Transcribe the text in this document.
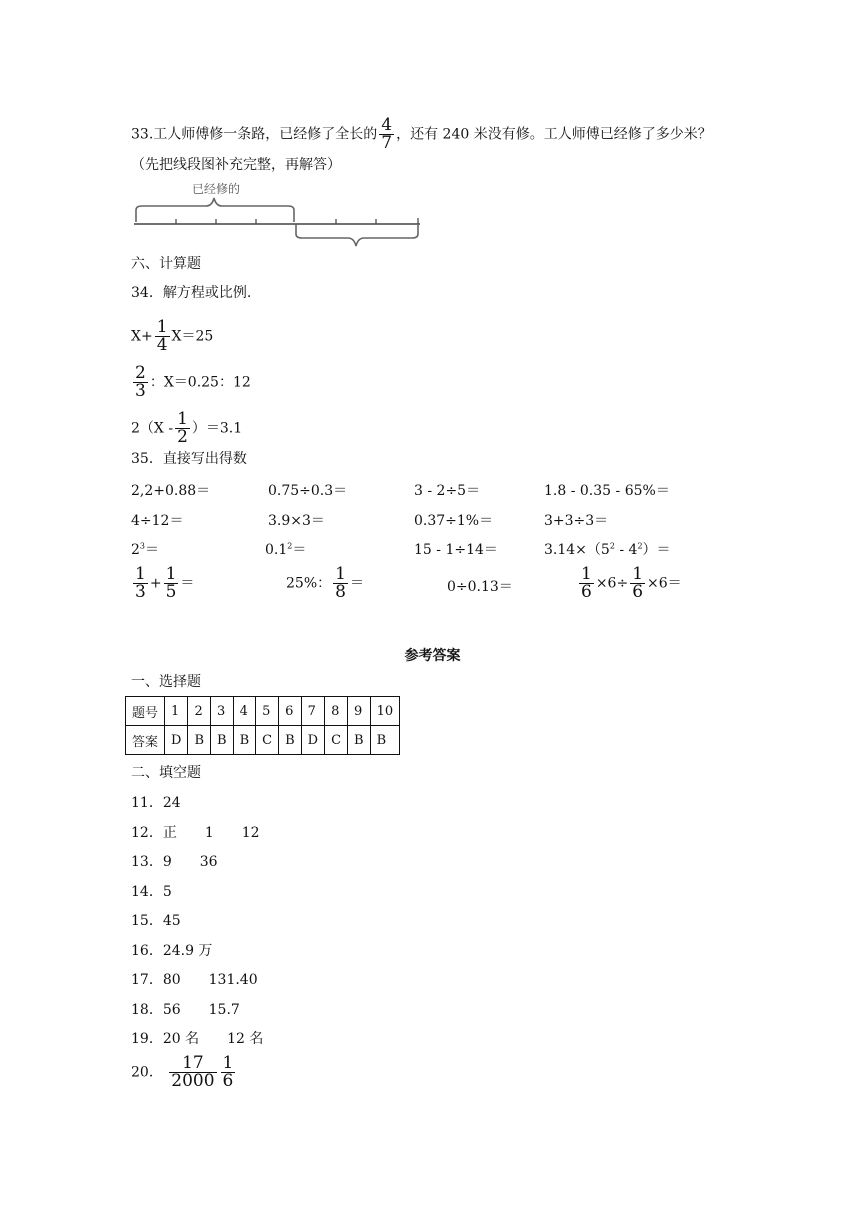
33.工人师傅修一条路，已经修了全长的 $\frac{4}{7}$ ，还有 240 米没有修。工人师傅已经修了多少米？
（先把线段图补充完整，再解答）
已经修的
六、计算题
34．解方程或比例.
$X+ \frac{1}{4} X=25$
$\frac{2}{3}$ ：X＝0.25：12
$2(X - \frac{1}{2} )=3.1$
35．直接写出得数
2,2+0.88＝	0.75÷0.3＝	3 - 2÷5＝	1.8 - 0.35 - 65%＝
4÷12＝	3.9×3＝	0.37÷1%＝	3+3÷3＝
$2^3=$	$0.1^2=$	15 - 1÷14＝	$3.14\times(5^2 - 4^2)=$
$\frac{1}{3} + \frac{1}{5}$ ＝	25%： $\frac{1}{8}$ ＝	0÷0.13＝	$\frac{1}{6} \times 6\div \frac{1}{6} \times 6=$
参考答案
一、选择题
题号	1	2	3	4	5	6	7	8	9	10
答案	D	B	B	B	C	B	D	C	B	B
二、填空题
11．24
12．正　　1　　12
13．9　　36
14．5
15．45
16．24.9 万
17．80　　131.40
18．56　　15.7
19．20 名　　12 名
20． $\frac{17}{2000} \frac{1}{6}$
